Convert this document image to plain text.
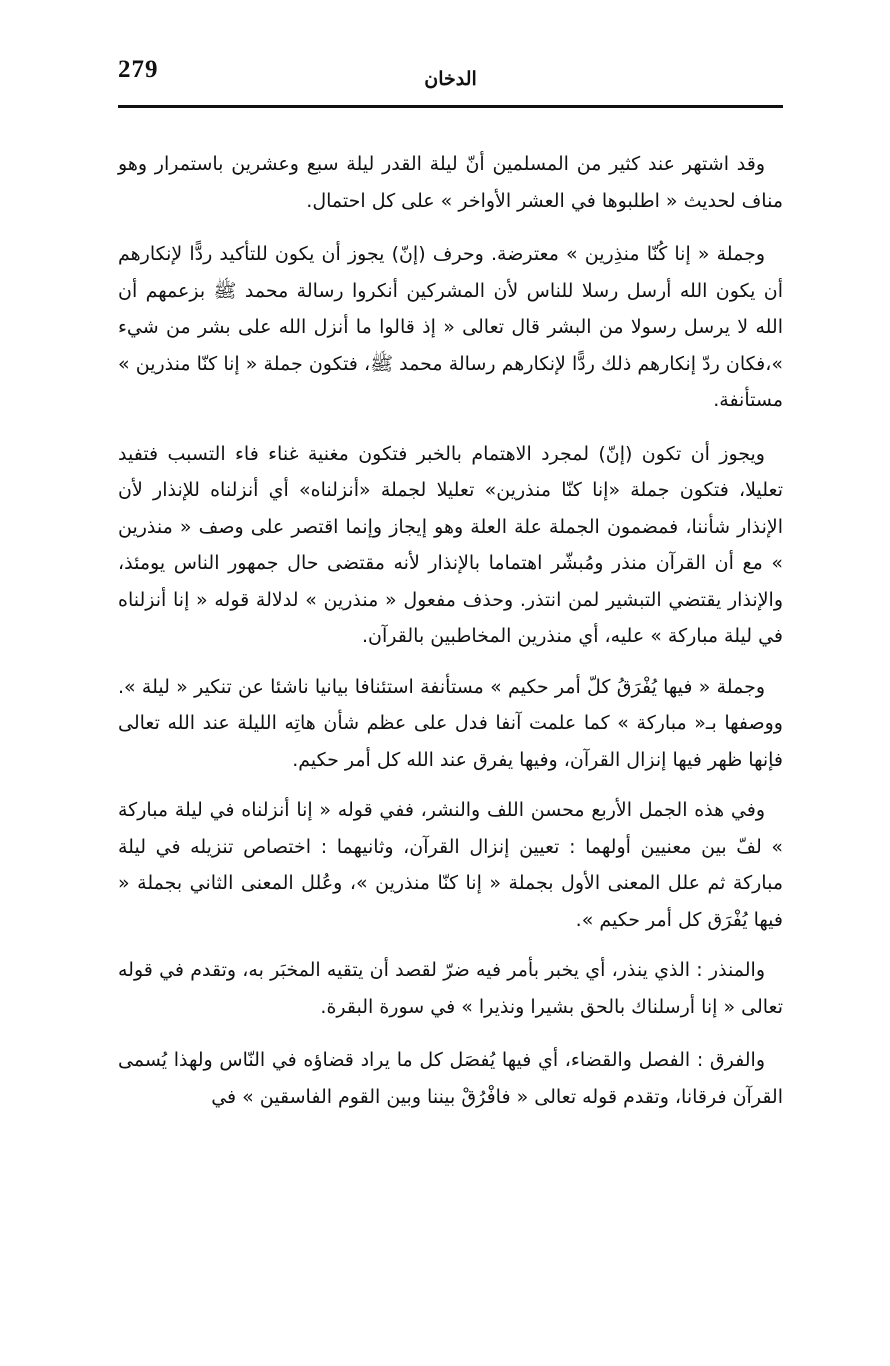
279	الدخان

وقد اشتهر عند كثير من المسلمين أنّ ليلة القدر ليلة سبع وعشرين باستمرار وهو مناف لحديث « اطلبوها في العشر الأواخر » على كل احتمال.

وجملة « إنا كُنّا منذِرين » معترضة. وحرف (إنّ) يجوز أن يكون للتأكيد ردًّا لإنكارهم أن يكون الله أرسل رسلا للناس لأن المشركين أنكروا رسالة محمد ﷺ بزعمهم أن الله لا يرسل رسولا من البشر قال تعالى « إذ قالوا ما أنزل الله على بشر من شيء »،فكان ردّ إنكارهم ذلك ردًّا لإنكارهم رسالة محمد ﷺ، فتكون جملة « إنا كنّا منذرين » مستأنفة.

ويجوز أن تكون (إنّ) لمجرد الاهتمام بالخبر فتكون مغنية غناء فاء التسبب فتفيد تعليلا، فتكون جملة «إنا كنّا منذرين» تعليلا لجملة «أنزلناه» أي أنزلناه للإنذار لأن الإنذار شأننا، فمضمون الجملة علة العلة وهو إيجاز وإنما اقتصر على وصف « منذرين » مع أن القرآن منذر ومُبشّر اهتماما بالإنذار لأنه مقتضى حال جمهور الناس يومئذ، والإنذار يقتضي التبشير لمن انتذر. وحذف مفعول « منذرين » لدلالة قوله « إنا أنزلناه في ليلة مباركة » عليه، أي منذرين المخاطبين بالقرآن.

وجملة « فيها يُفْرَقُ كلّ أمر حكيم » مستأنفة استئنافا بيانيا ناشئا عن تنكير « ليلة ». ووصفها بـ« مباركة » كما علمت آنفا فدل على عظم شأن هاتِه الليلة عند الله تعالى فإنها ظهر فيها إنزال القرآن، وفيها يفرق عند الله كل أمر حكيم.

وفي هذه الجمل الأربع محسن اللف والنشر، ففي قوله « إنا أنزلناه في ليلة مباركة » لفّ بين معنيين أولهما : تعيين إنزال القرآن، وثانيهما : اختصاص تنزيله في ليلة مباركة ثم علل المعنى الأول بجملة « إنا كنّا منذرين »، وعُلل المعنى الثاني بجملة « فيها يُفْرَق كل أمر حكيم ».

والمنذر : الذي ينذر، أي يخبر بأمر فيه ضرّ لقصد أن يتقيه المخبَر به، وتقدم في قوله تعالى « إنا أرسلناك بالحق بشيرا ونذيرا » في سورة البقرة.

والفرق : الفصل والقضاء، أي فيها يُفصَل كل ما يراد قضاؤه في النّاس ولهذا يُسمى القرآن فرقانا، وتقدم قوله تعالى « فافْرُقْ بيننا وبين القوم الفاسقين » في
